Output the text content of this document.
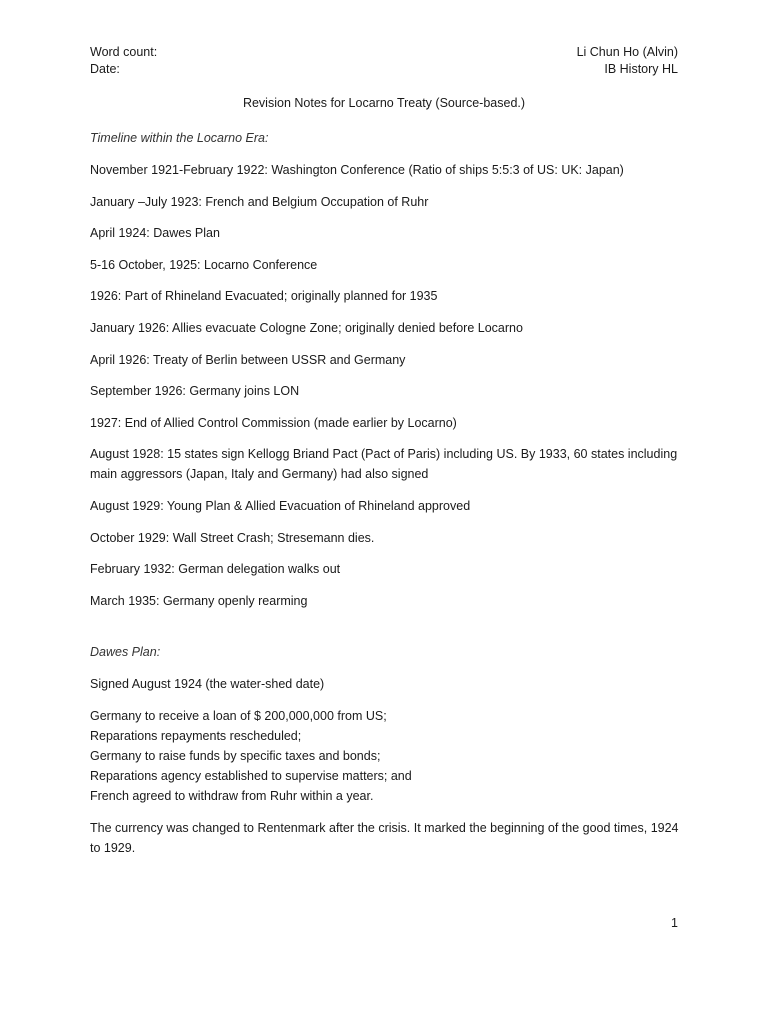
Word count:
Date:
Li Chun Ho (Alvin)
IB History HL
Revision Notes for Locarno Treaty (Source-based.)

Timeline within the Locarno Era:

November 1921-February 1922: Washington Conference (Ratio of ships 5:5:3 of US: UK: Japan)
January –July 1923: French and Belgium Occupation of Ruhr
April 1924: Dawes Plan
5-16 October, 1925: Locarno Conference
1926: Part of Rhineland Evacuated; originally planned for 1935
January 1926: Allies evacuate Cologne Zone; originally denied before Locarno
April 1926: Treaty of Berlin between USSR and Germany
September 1926: Germany joins LON
1927: End of Allied Control Commission (made earlier by Locarno)
August 1928: 15 states sign Kellogg Briand Pact (Pact of Paris) including US. By 1933, 60 states including main aggressors (Japan, Italy and Germany) had also signed
August 1929: Young Plan & Allied Evacuation of Rhineland approved
October 1929: Wall Street Crash; Stresemann dies.
February 1932: German delegation walks out
March 1935: Germany openly rearming

Dawes Plan:

Signed August 1924 (the water-shed date)

Germany to receive a loan of $ 200,000,000 from US;
Reparations repayments rescheduled;
Germany to raise funds by specific taxes and bonds;
Reparations agency established to supervise matters; and
French agreed to withdraw from Ruhr within a year.

The currency was changed to Rentenmark after the crisis. It marked the beginning of the good times, 1924 to 1929.

1
